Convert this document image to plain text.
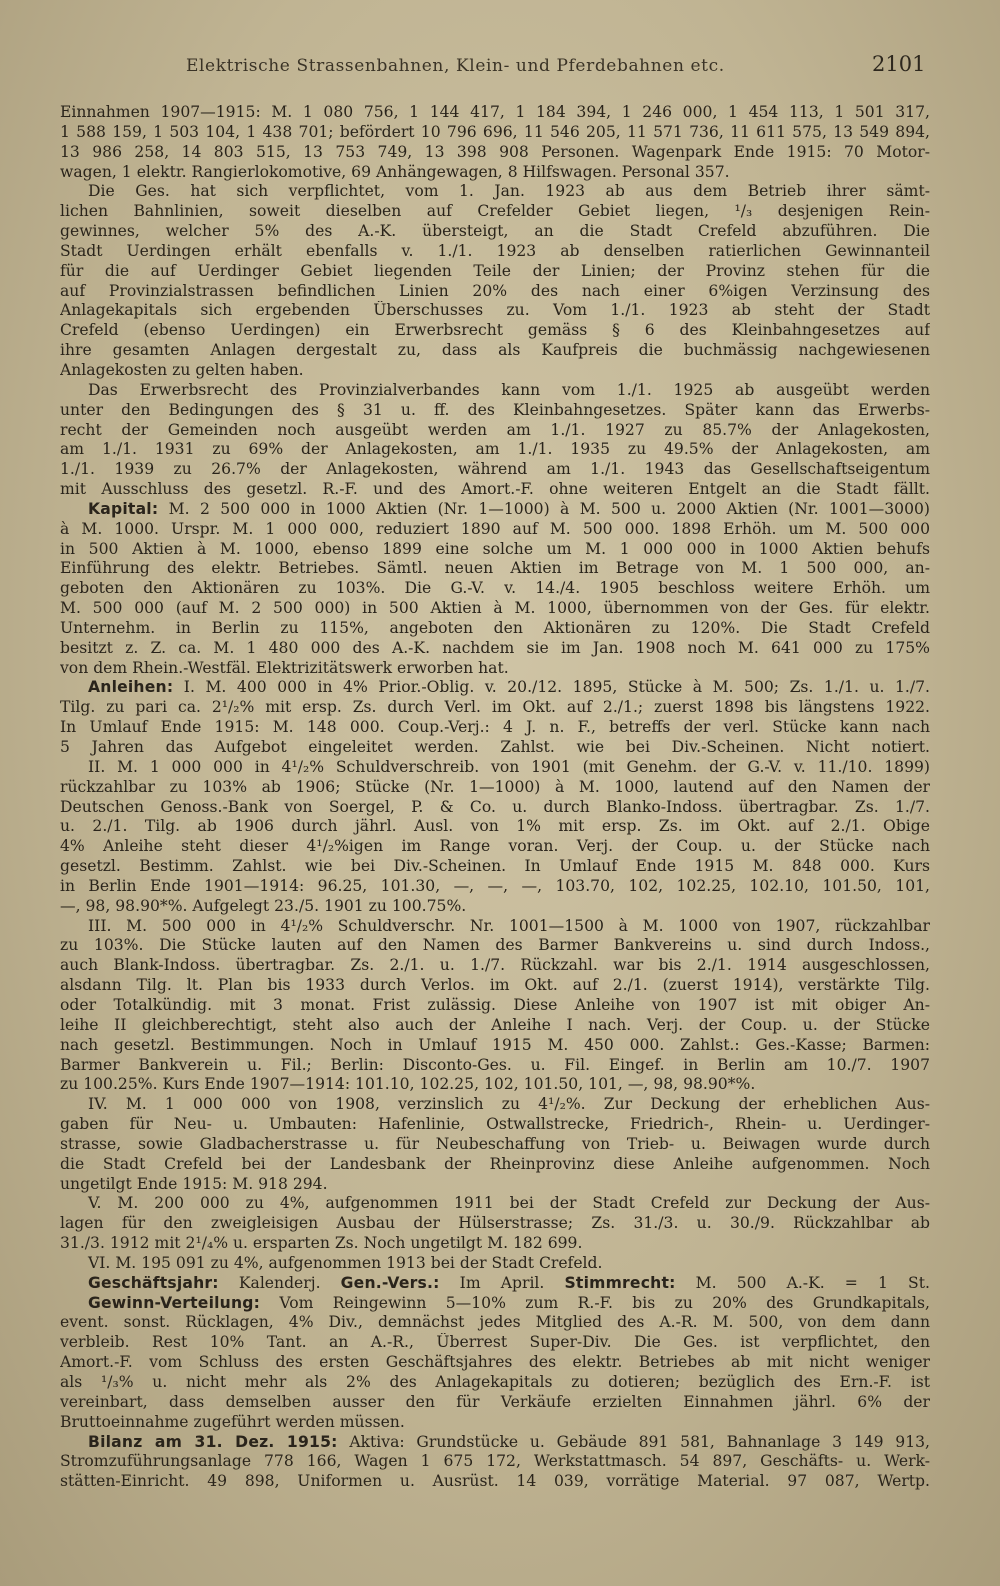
Elektrische Strassenbahnen, Klein- und Pferdebahnen etc.	2101
Einnahmen 1907—1915: M. 1 080 756, 1 144 417, 1 184 394, 1 246 000, 1 454 113, 1 501 317,
1 588 159, 1 503 104, 1 438 701; befördert 10 796 696, 11 546 205, 11 571 736, 11 611 575, 13 549 894,
13 986 258, 14 803 515, 13 753 749, 13 398 908 Personen. Wagenpark Ende 1915: 70 Motor-
wagen, 1 elektr. Rangierlokomotive, 69 Anhängewagen, 8 Hilfswagen. Personal 357.
Die Ges. hat sich verpflichtet, vom 1. Jan. 1923 ab aus dem Betrieb ihrer sämt-
lichen Bahnlinien, soweit dieselben auf Crefelder Gebiet liegen, ¹/₃ desjenigen Rein-
gewinnes, welcher 5% des A.-K. übersteigt, an die Stadt Crefeld abzuführen. Die
Stadt Uerdingen erhält ebenfalls v. 1./1. 1923 ab denselben ratierlichen Gewinnanteil
für die auf Uerdinger Gebiet liegenden Teile der Linien; der Provinz stehen für die
auf Provinzialstrassen befindlichen Linien 20% des nach einer 6%igen Verzinsung des
Anlagekapitals sich ergebenden Überschusses zu. Vom 1./1. 1923 ab steht der Stadt
Crefeld (ebenso Uerdingen) ein Erwerbsrecht gemäss § 6 des Kleinbahngesetzes auf
ihre gesamten Anlagen dergestalt zu, dass als Kaufpreis die buchmässig nachgewiesenen
Anlagekosten zu gelten haben.
Das Erwerbsrecht des Provinzialverbandes kann vom 1./1. 1925 ab ausgeübt werden
unter den Bedingungen des § 31 u. ff. des Kleinbahngesetzes. Später kann das Erwerbs-
recht der Gemeinden noch ausgeübt werden am 1./1. 1927 zu 85.7% der Anlagekosten,
am 1./1. 1931 zu 69% der Anlagekosten, am 1./1. 1935 zu 49.5% der Anlagekosten, am
1./1. 1939 zu 26.7% der Anlagekosten, während am 1./1. 1943 das Gesellschaftseigentum
mit Ausschluss des gesetzl. R.-F. und des Amort.-F. ohne weiteren Entgelt an die Stadt fällt.
Kapital: M. 2 500 000 in 1000 Aktien (Nr. 1—1000) à M. 500 u. 2000 Aktien (Nr. 1001—3000)
à M. 1000. Urspr. M. 1 000 000, reduziert 1890 auf M. 500 000. 1898 Erhöh. um M. 500 000
in 500 Aktien à M. 1000, ebenso 1899 eine solche um M. 1 000 000 in 1000 Aktien behufs
Einführung des elektr. Betriebes. Sämtl. neuen Aktien im Betrage von M. 1 500 000, an-
geboten den Aktionären zu 103%. Die G.-V. v. 14./4. 1905 beschloss weitere Erhöh. um
M. 500 000 (auf M. 2 500 000) in 500 Aktien à M. 1000, übernommen von der Ges. für elektr.
Unternehm. in Berlin zu 115%, angeboten den Aktionären zu 120%. Die Stadt Crefeld
besitzt z. Z. ca. M. 1 480 000 des A.-K. nachdem sie im Jan. 1908 noch M. 641 000 zu 175%
von dem Rhein.-Westfäl. Elektrizitätswerk erworben hat.
Anleihen: I. M. 400 000 in 4% Prior.-Oblig. v. 20./12. 1895, Stücke à M. 500; Zs. 1./1. u. 1./7.
Tilg. zu pari ca. 2¹/₂% mit ersp. Zs. durch Verl. im Okt. auf 2./1.; zuerst 1898 bis längstens 1922.
In Umlauf Ende 1915: M. 148 000. Coup.-Verj.: 4 J. n. F., betreffs der verl. Stücke kann nach
5 Jahren das Aufgebot eingeleitet werden. Zahlst. wie bei Div.-Scheinen. Nicht notiert.
II. M. 1 000 000 in 4¹/₂% Schuldverschreib. von 1901 (mit Genehm. der G.-V. v. 11./10. 1899)
rückzahlbar zu 103% ab 1906; Stücke (Nr. 1—1000) à M. 1000, lautend auf den Namen der
Deutschen Genoss.-Bank von Soergel, P. & Co. u. durch Blanko-Indoss. übertragbar. Zs. 1./7.
u. 2./1. Tilg. ab 1906 durch jährl. Ausl. von 1% mit ersp. Zs. im Okt. auf 2./1. Obige
4% Anleihe steht dieser 4¹/₂%igen im Range voran. Verj. der Coup. u. der Stücke nach
gesetzl. Bestimm. Zahlst. wie bei Div.-Scheinen. In Umlauf Ende 1915 M. 848 000. Kurs
in Berlin Ende 1901—1914: 96.25, 101.30, —, —, —, 103.70, 102, 102.25, 102.10, 101.50, 101,
—, 98, 98.90*%. Aufgelegt 23./5. 1901 zu 100.75%.
III. M. 500 000 in 4¹/₂% Schuldverschr. Nr. 1001—1500 à M. 1000 von 1907, rückzahlbar
zu 103%. Die Stücke lauten auf den Namen des Barmer Bankvereins u. sind durch Indoss.,
auch Blank-Indoss. übertragbar. Zs. 2./1. u. 1./7. Rückzahl. war bis 2./1. 1914 ausgeschlossen,
alsdann Tilg. lt. Plan bis 1933 durch Verlos. im Okt. auf 2./1. (zuerst 1914), verstärkte Tilg.
oder Totalkündig. mit 3 monat. Frist zulässig. Diese Anleihe von 1907 ist mit obiger An-
leihe II gleichberechtigt, steht also auch der Anleihe I nach. Verj. der Coup. u. der Stücke
nach gesetzl. Bestimmungen. Noch in Umlauf 1915 M. 450 000. Zahlst.: Ges.-Kasse; Barmen:
Barmer Bankverein u. Fil.; Berlin: Disconto-Ges. u. Fil. Eingef. in Berlin am 10./7. 1907
zu 100.25%. Kurs Ende 1907—1914: 101.10, 102.25, 102, 101.50, 101, —, 98, 98.90*%.
IV. M. 1 000 000 von 1908, verzinslich zu 4¹/₂%. Zur Deckung der erheblichen Aus-
gaben für Neu- u. Umbauten: Hafenlinie, Ostwallstrecke, Friedrich-, Rhein- u. Uerdinger-
strasse, sowie Gladbacherstrasse u. für Neubeschaffung von Trieb- u. Beiwagen wurde durch
die Stadt Crefeld bei der Landesbank der Rheinprovinz diese Anleihe aufgenommen. Noch
ungetilgt Ende 1915: M. 918 294.
V. M. 200 000 zu 4%, aufgenommen 1911 bei der Stadt Crefeld zur Deckung der Aus-
lagen für den zweigleisigen Ausbau der Hülserstrasse; Zs. 31./3. u. 30./9. Rückzahlbar ab
31./3. 1912 mit 2¹/₄% u. ersparten Zs. Noch ungetilgt M. 182 699.
VI. M. 195 091 zu 4%, aufgenommen 1913 bei der Stadt Crefeld.
Geschäftsjahr: Kalenderj. Gen.-Vers.: Im April. Stimmrecht: M. 500 A.-K. = 1 St.
Gewinn-Verteilung: Vom Reingewinn 5—10% zum R.-F. bis zu 20% des Grundkapitals,
event. sonst. Rücklagen, 4% Div., demnächst jedes Mitglied des A.-R. M. 500, von dem dann
verbleib. Rest 10% Tant. an A.-R., Überrest Super-Div. Die Ges. ist verpflichtet, den
Amort.-F. vom Schluss des ersten Geschäftsjahres des elektr. Betriebes ab mit nicht weniger
als ¹/₃% u. nicht mehr als 2% des Anlagekapitals zu dotieren; bezüglich des Ern.-F. ist
vereinbart, dass demselben ausser den für Verkäufe erzielten Einnahmen jährl. 6% der
Bruttoeinnahme zugeführt werden müssen.
Bilanz am 31. Dez. 1915: Aktiva: Grundstücke u. Gebäude 891 581, Bahnanlage 3 149 913,
Stromzuführungsanlage 778 166, Wagen 1 675 172, Werkstattmasch. 54 897, Geschäfts- u. Werk-
stätten-Einricht. 49 898, Uniformen u. Ausrüst. 14 039, vorrätige Material. 97 087, Wertp.
